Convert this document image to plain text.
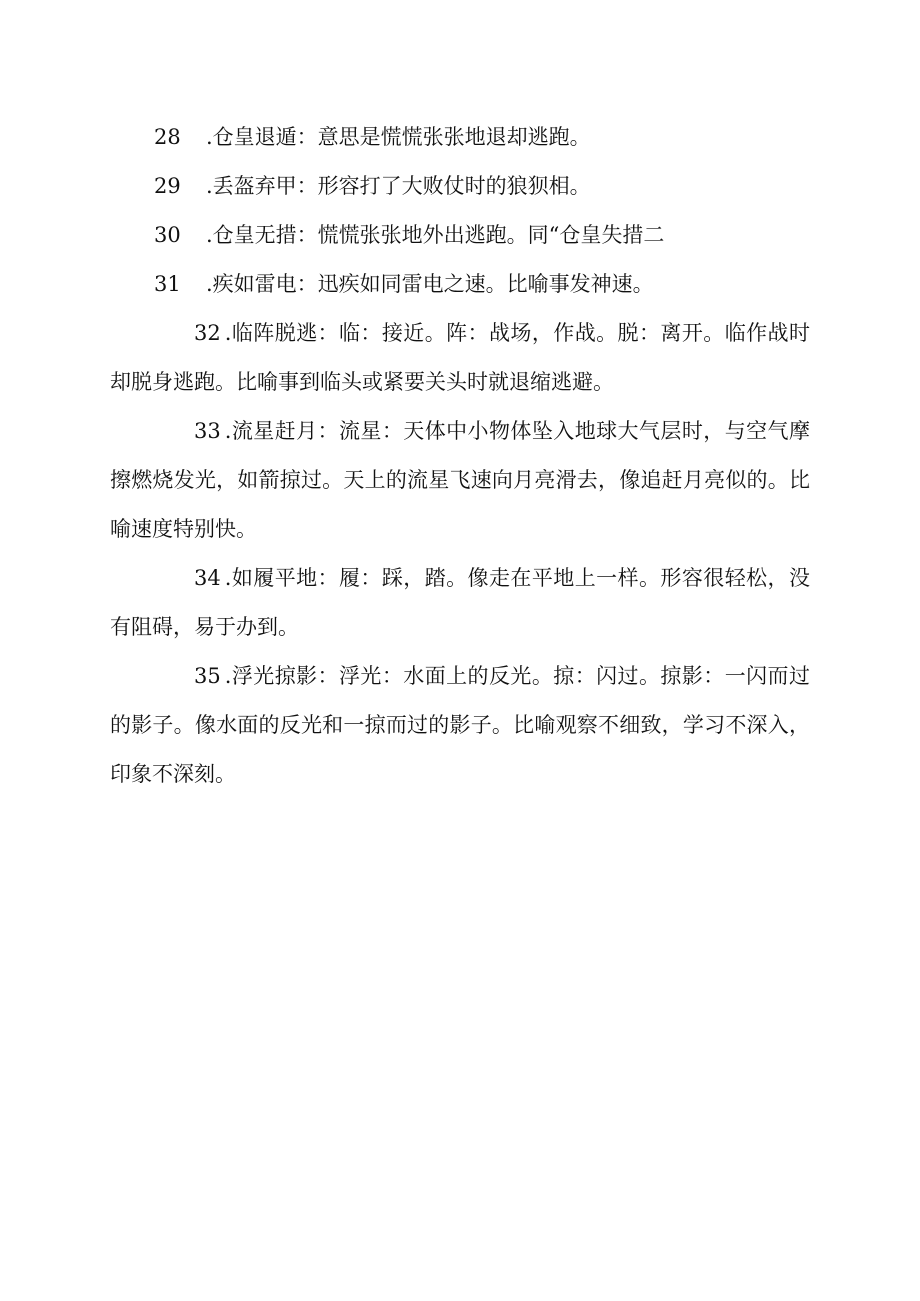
28 .仓皇退遁：意思是慌慌张张地退却逃跑。

29 .丢盔弃甲：形容打了大败仗时的狼狈相。

30 .仓皇无措：慌慌张张地外出逃跑。同“仓皇失措二

31 .疾如雷电：迅疾如同雷电之速。比喻事发神速。

32 .临阵脱逃：临：接近。阵：战场，作战。脱：离开。临作战时却脱身逃跑。比喻事到临头或紧要关头时就退缩逃避。

33 .流星赶月：流星：天体中小物体坠入地球大气层时，与空气摩擦燃烧发光，如箭掠过。天上的流星飞速向月亮滑去，像追赶月亮似的。比喻速度特别快。

34 .如履平地：履：踩，踏。像走在平地上一样。形容很轻松，没有阻碍，易于办到。

35 .浮光掠影：浮光：水面上的反光。掠：闪过。掠影：一闪而过的影子。像水面的反光和一掠而过的影子。比喻观察不细致，学习不深入，印象不深刻。
